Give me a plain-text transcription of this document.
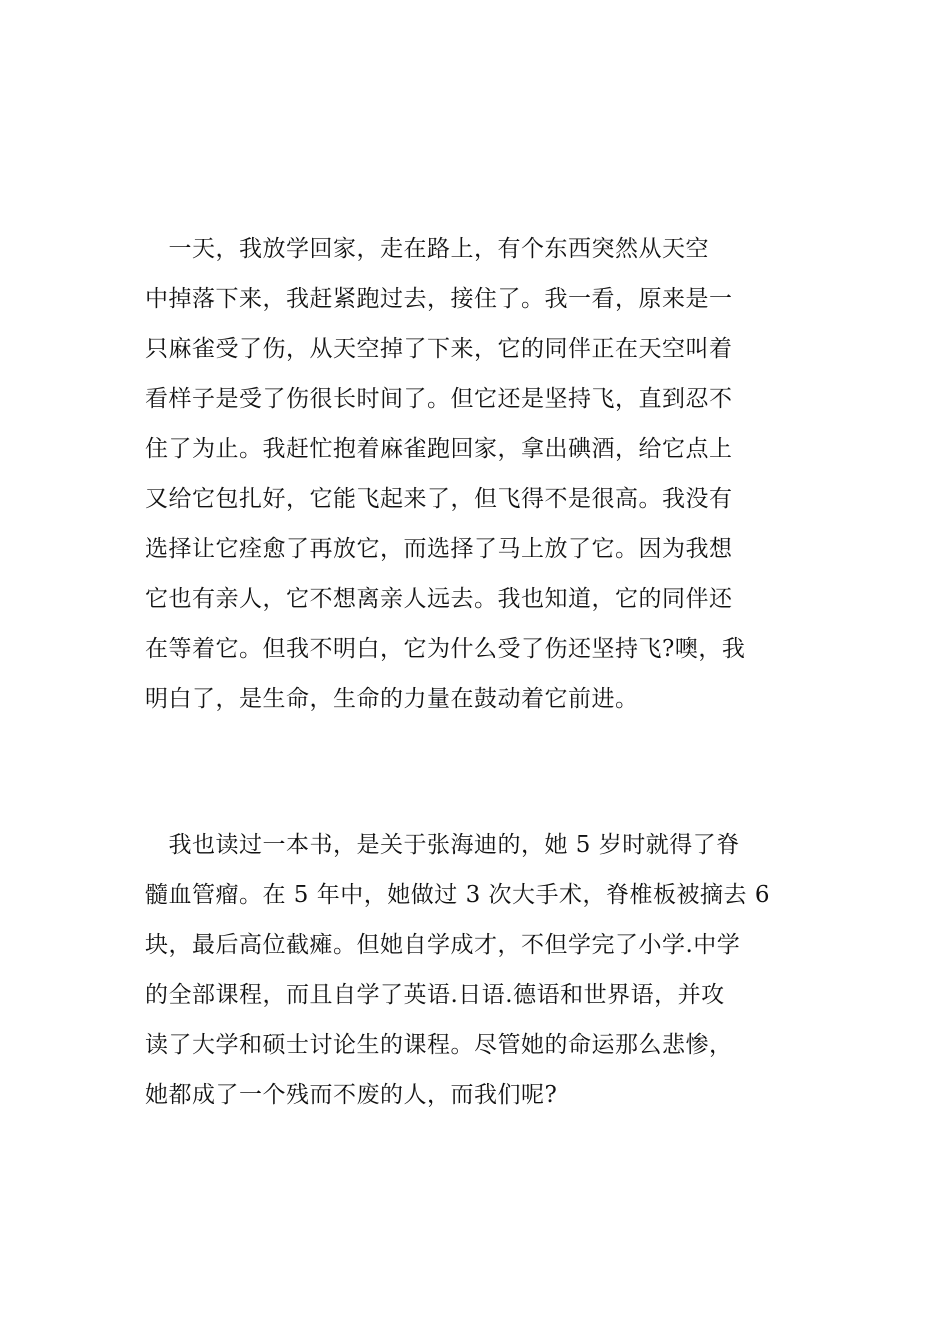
　一天，我放学回家，走在路上，有个东西突然从天空
中掉落下来，我赶紧跑过去，接住了。我一看，原来是一
只麻雀受了伤，从天空掉了下来，它的同伴正在天空叫着
看样子是受了伤很长时间了。但它还是坚持飞，直到忍不
住了为止。我赶忙抱着麻雀跑回家，拿出碘酒，给它点上
又给它包扎好，它能飞起来了，但飞得不是很高。我没有
选择让它痊愈了再放它，而选择了马上放了它。因为我想
它也有亲人，它不想离亲人远去。我也知道，它的同伴还
在等着它。但我不明白，它为什么受了伤还坚持飞?噢，我
明白了，是生命，生命的力量在鼓动着它前进。
　我也读过一本书，是关于张海迪的，她 5 岁时就得了脊
髓血管瘤。在 5 年中，她做过 3 次大手术，脊椎板被摘去 6
块，最后高位截瘫。但她自学成才，不但学完了小学.中学
的全部课程，而且自学了英语.日语.德语和世界语，并攻
读了大学和硕士讨论生的课程。尽管她的命运那么悲惨，
她都成了一个残而不废的人，而我们呢?
